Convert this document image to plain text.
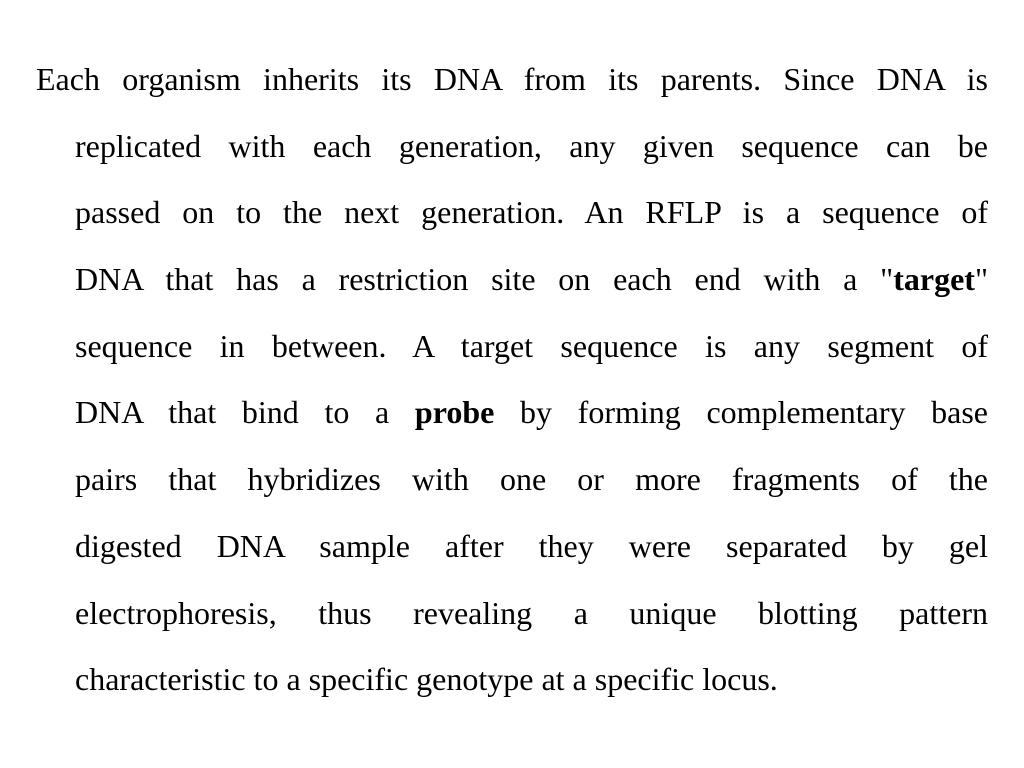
Each organism inherits its DNA from its parents. Since DNA is
replicated with each generation, any given sequence can be
passed on to the next generation. An RFLP is a sequence of
DNA that has a restriction site on each end with a "target"
sequence in between. A target sequence is any segment of
DNA that bind to a probe by forming complementary base
pairs that hybridizes with one or more fragments of the
digested DNA sample after they were separated by gel
electrophoresis, thus revealing a unique blotting pattern
characteristic to a specific genotype at a specific locus.
